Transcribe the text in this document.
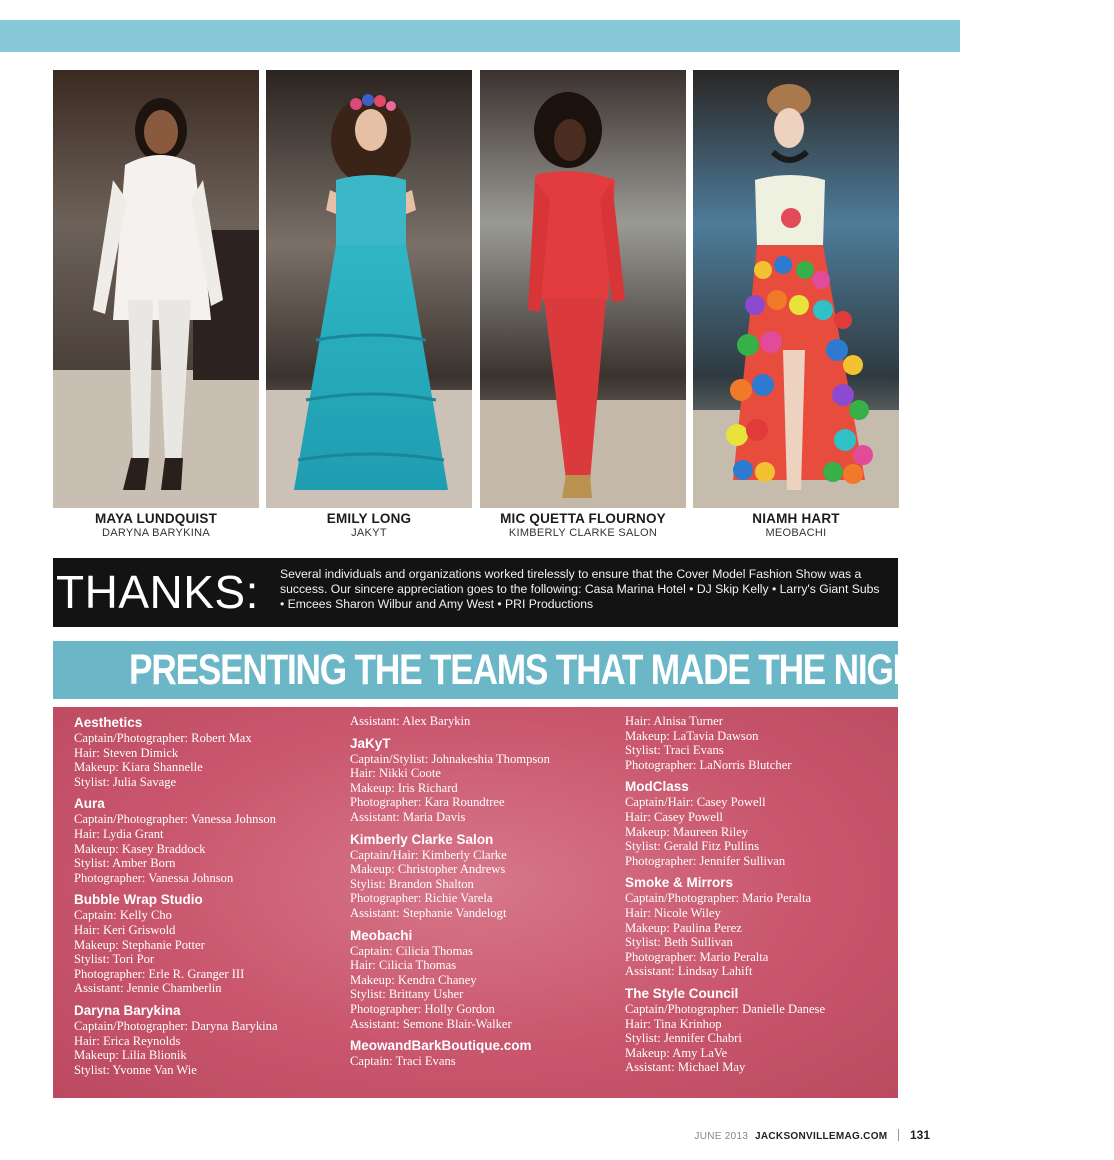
MAYA LUNDQUIST
DARYNA BARYKINA
EMILY LONG
JAKYT
MIC QUETTA FLOURNOY
KIMBERLY CLARKE SALON
NIAMH HART
MEOBACHI
THANKS: Several individuals and organizations worked tirelessly to ensure that the Cover Model Fashion Show was a success. Our sincere appreciation goes to the following: Casa Marina Hotel • DJ Skip Kelly • Larry's Giant Subs • Emcees Sharon Wilbur and Amy West • PRI Productions
PRESENTING THE TEAMS THAT MADE THE NIGHT POSSIBLE
Aesthetics
Captain/Photographer: Robert Max
Hair: Steven Dimick
Makeup: Kiara Shannelle
Stylist: Julia Savage
Aura
Captain/Photographer: Vanessa Johnson
Hair: Lydia Grant
Makeup: Kasey Braddock
Stylist: Amber Born
Photographer: Vanessa Johnson
Bubble Wrap Studio
Captain: Kelly Cho
Hair: Keri Griswold
Makeup: Stephanie Potter
Stylist: Tori Por
Photographer: Erle R. Granger III
Assistant: Jennie Chamberlin
Daryna Barykina
Captain/Photographer: Daryna Barykina
Hair: Erica Reynolds
Makeup: Lilia Blionik
Stylist: Yvonne Van Wie
Assistant: Alex Barykin
JaKyT
Captain/Stylist: Johnakeshia Thompson
Hair: Nikki Coote
Makeup: Iris Richard
Photographer: Kara Roundtree
Assistant: Maria Davis
Kimberly Clarke Salon
Captain/Hair: Kimberly Clarke
Makeup: Christopher Andrews
Stylist: Brandon Shalton
Photographer: Richie Varela
Assistant: Stephanie Vandelogt
Meobachi
Captain: Cilicia Thomas
Hair: Cilicia Thomas
Makeup: Kendra Chaney
Stylist: Brittany Usher
Photographer: Holly Gordon
Assistant: Semone Blair-Walker
MeowandBarkBoutique.com
Captain: Traci Evans
Hair: Alnisa Turner
Makeup: LaTavia Dawson
Stylist: Traci Evans
Photographer: LaNorris Blutcher
ModClass
Captain/Hair: Casey Powell
Hair: Casey Powell
Makeup: Maureen Riley
Stylist: Gerald Fitz Pullins
Photographer: Jennifer Sullivan
Smoke & Mirrors
Captain/Photographer: Mario Peralta
Hair: Nicole Wiley
Makeup: Paulina Perez
Stylist: Beth Sullivan
Photographer: Mario Peralta
Assistant: Lindsay Lahift
The Style Council
Captain/Photographer: Danielle Danese
Hair: Tina Krinhop
Stylist: Jennifer Chabri
Makeup: Amy LaVe
Assistant: Michael May
JUNE 2013 JACKSONVILLEMAG.COM 131
